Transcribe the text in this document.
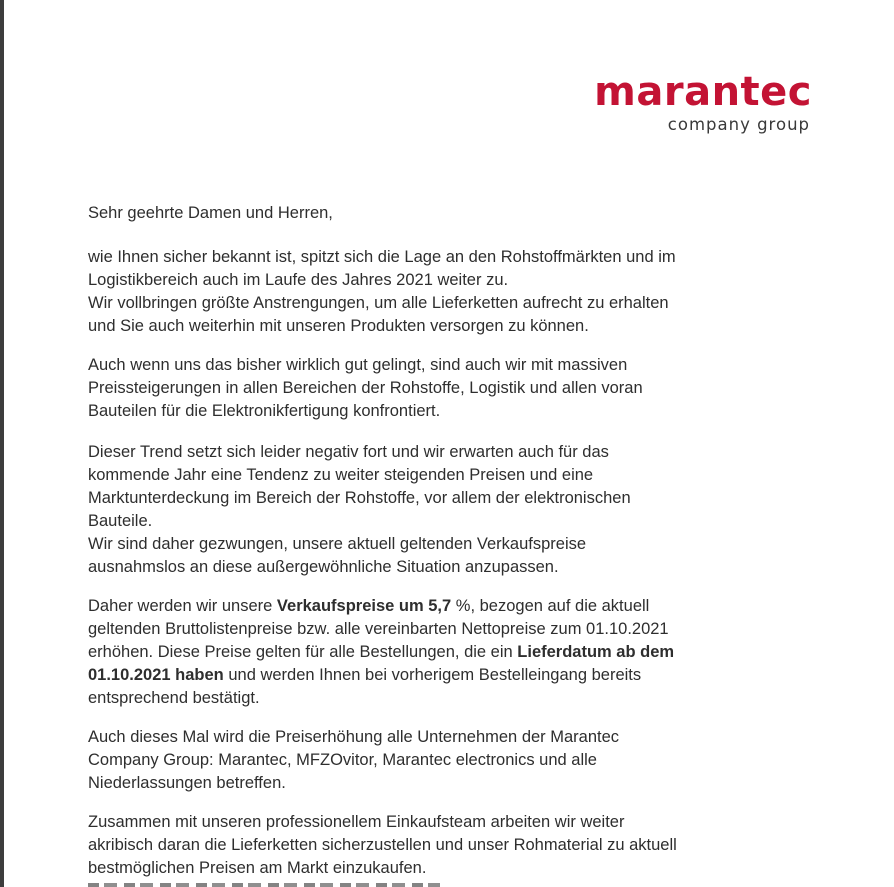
marantec
company group

Sehr geehrte Damen und Herren,

wie Ihnen sicher bekannt ist, spitzt sich die Lage an den Rohstoffmärkten und im
Logistikbereich auch im Laufe des Jahres 2021 weiter zu.
Wir vollbringen größte Anstrengungen, um alle Lieferketten aufrecht zu erhalten
und Sie auch weiterhin mit unseren Produkten versorgen zu können.

Auch wenn uns das bisher wirklich gut gelingt, sind auch wir mit massiven
Preissteigerungen in allen Bereichen der Rohstoffe, Logistik und allen voran
Bauteilen für die Elektronikfertigung konfrontiert.

Dieser Trend setzt sich leider negativ fort und wir erwarten auch für das
kommende Jahr eine Tendenz zu weiter steigenden Preisen und eine
Marktunterdeckung im Bereich der Rohstoffe, vor allem der elektronischen
Bauteile.
Wir sind daher gezwungen, unsere aktuell geltenden Verkaufspreise
ausnahmslos an diese außergewöhnliche Situation anzupassen.

Daher werden wir unsere Verkaufspreise um 5,7 %, bezogen auf die aktuell
geltenden Bruttolistenpreise bzw. alle vereinbarten Nettopreise zum 01.10.2021
erhöhen. Diese Preise gelten für alle Bestellungen, die ein Lieferdatum ab dem
01.10.2021 haben und werden Ihnen bei vorherigem Bestelleingang bereits
entsprechend bestätigt.

Auch dieses Mal wird die Preiserhöhung alle Unternehmen der Marantec
Company Group: Marantec, MFZOvitor, Marantec electronics und alle
Niederlassungen betreffen.

Zusammen mit unseren professionellem Einkaufsteam arbeiten wir weiter
akribisch daran die Lieferketten sicherzustellen und unser Rohmaterial zu aktuell
bestmöglichen Preisen am Markt einzukaufen.
